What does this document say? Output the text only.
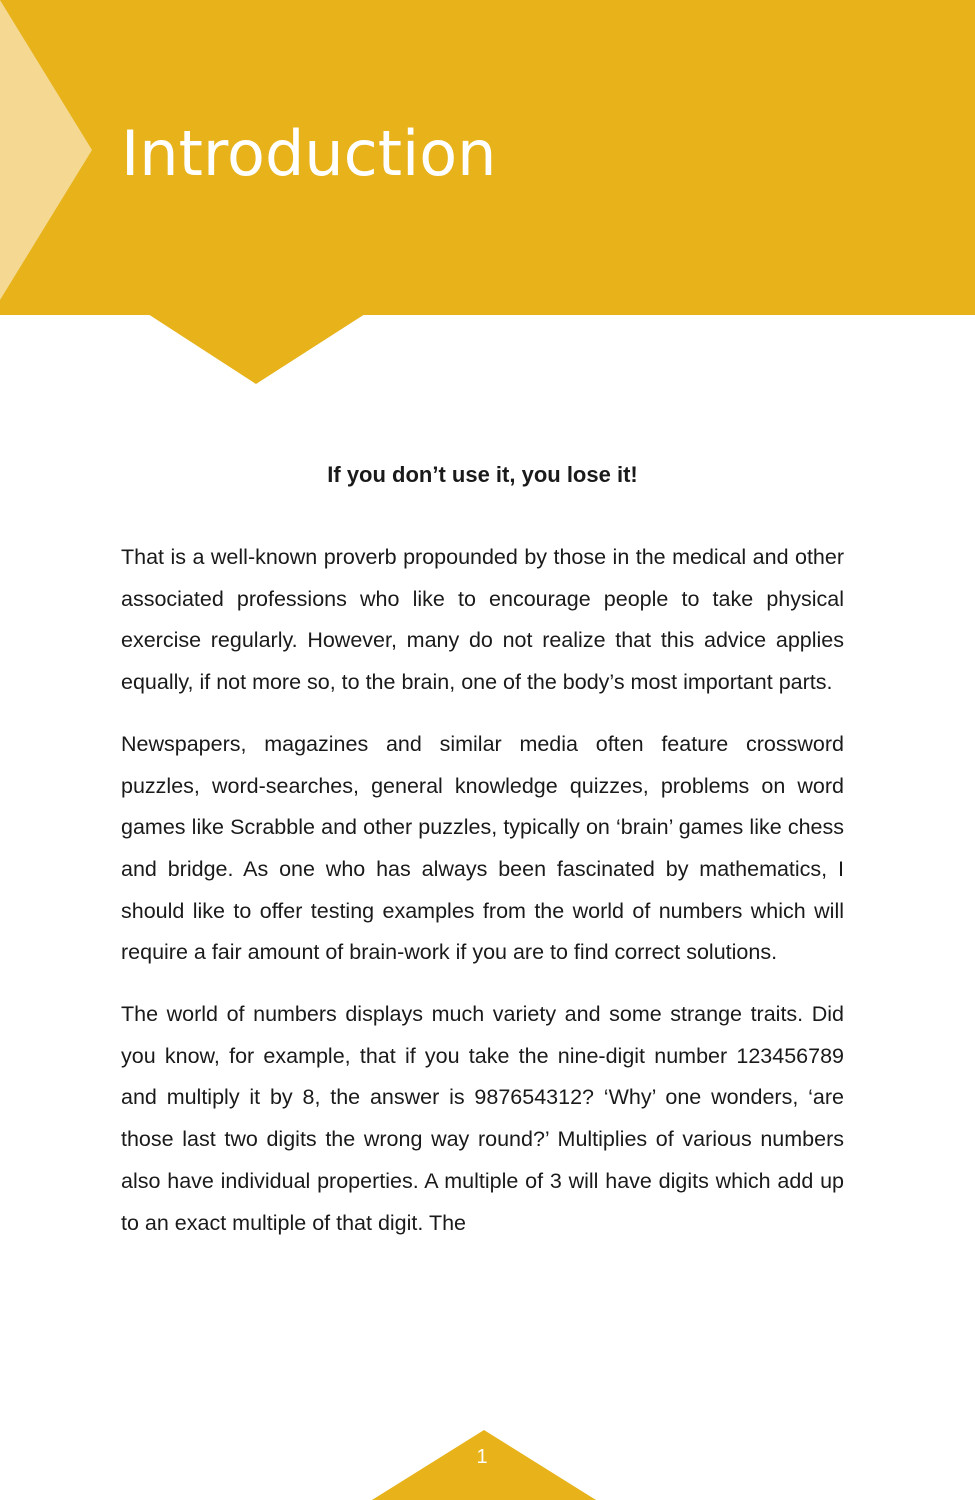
Introduction
If you don’t use it, you lose it!

That is a well-known proverb propounded by those in the medical and other associated professions who like to encourage people to take physical exercise regularly. However, many do not realize that this advice applies equally, if not more so, to the brain, one of the body’s most important parts.

Newspapers, magazines and similar media often feature crossword puzzles, word-searches, general knowledge quizzes, problems on word games like Scrabble and other puzzles, typically on ‘brain’ games like chess and bridge. As one who has always been fascinated by mathematics, I should like to offer testing examples from the world of numbers which will require a fair amount of brain-work if you are to find correct solutions.

The world of numbers displays much variety and some strange traits. Did you know, for example, that if you take the nine-digit number 123456789 and multiply it by 8, the answer is 987654312? ‘Why’ one wonders, ‘are those last two digits the wrong way round?’ Multiplies of various numbers also have individual properties. A multiple of 3 will have digits which add up to an exact multiple of that digit. The

1
